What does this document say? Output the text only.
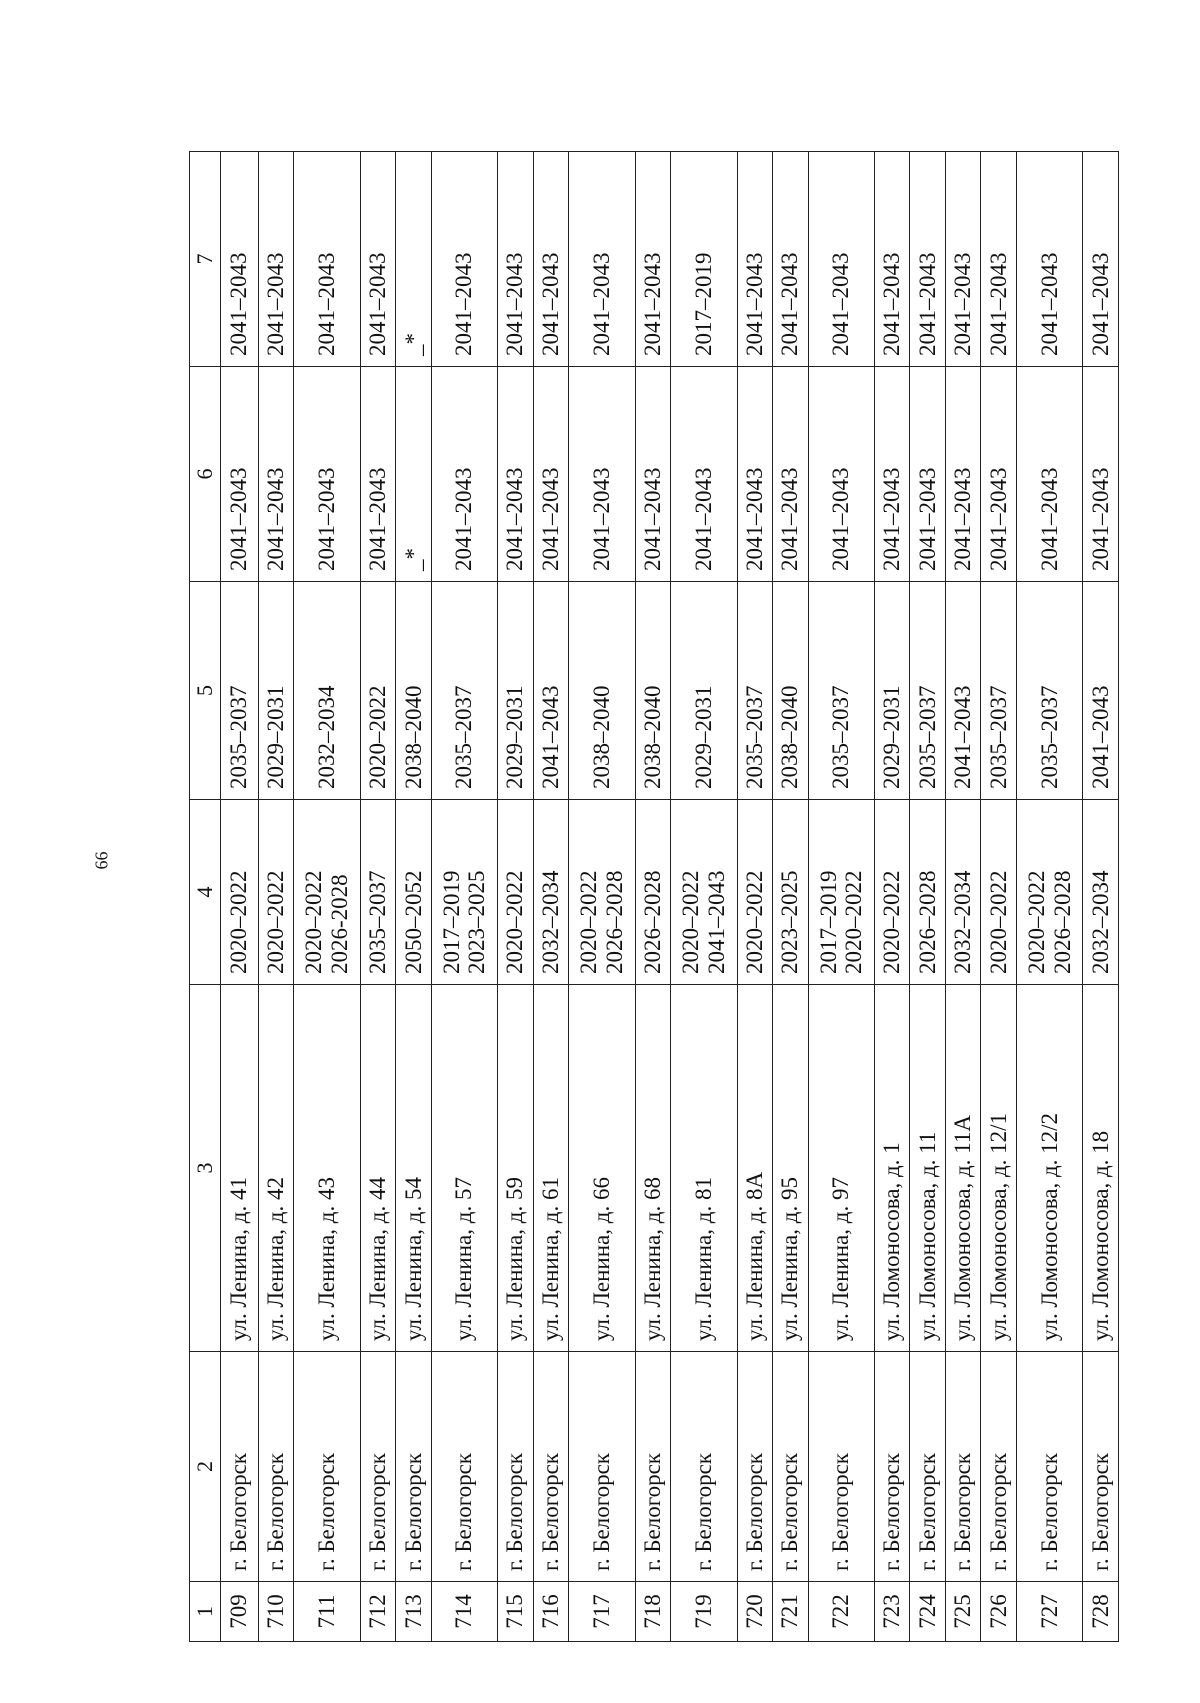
66
1	2	3	4	5	6	7
709	г. Белогорск	ул. Ленина, д. 41	2020–2022	2035–2037	2041–2043	2041–2043
710	г. Белогорск	ул. Ленина, д. 42	2020–2022	2029–2031	2041–2043	2041–2043
711	г. Белогорск	ул. Ленина, д. 43	2020–2022 2026-2028	2032–2034	2041–2043	2041–2043
712	г. Белогорск	ул. Ленина, д. 44	2035–2037	2020–2022	2041–2043	2041–2043
713	г. Белогорск	ул. Ленина, д. 54	2050–2052	2038–2040	_*	_*
714	г. Белогорск	ул. Ленина, д. 57	2017–2019 2023–2025	2035–2037	2041–2043	2041–2043
715	г. Белогорск	ул. Ленина, д. 59	2020–2022	2029–2031	2041–2043	2041–2043
716	г. Белогорск	ул. Ленина, д. 61	2032–2034	2041–2043	2041–2043	2041–2043
717	г. Белогорск	ул. Ленина, д. 66	2020–2022 2026–2028	2038–2040	2041–2043	2041–2043
718	г. Белогорск	ул. Ленина, д. 68	2026–2028	2038–2040	2041–2043	2041–2043
719	г. Белогорск	ул. Ленина, д. 81	2020–2022 2041–2043	2029–2031	2041–2043	2017–2019
720	г. Белогорск	ул. Ленина, д. 8А	2020–2022	2035–2037	2041–2043	2041–2043
721	г. Белогорск	ул. Ленина, д. 95	2023–2025	2038–2040	2041–2043	2041–2043
722	г. Белогорск	ул. Ленина, д. 97	2017–2019 2020–2022	2035–2037	2041–2043	2041–2043
723	г. Белогорск	ул. Ломоносова, д. 1	2020–2022	2029–2031	2041–2043	2041–2043
724	г. Белогорск	ул. Ломоносова, д. 11	2026–2028	2035–2037	2041–2043	2041–2043
725	г. Белогорск	ул. Ломоносова, д. 11А	2032–2034	2041–2043	2041–2043	2041–2043
726	г. Белогорск	ул. Ломоносова, д. 12/1	2020–2022	2035–2037	2041–2043	2041–2043
727	г. Белогорск	ул. Ломоносова, д. 12/2	2020–2022 2026–2028	2035–2037	2041–2043	2041–2043
728	г. Белогорск	ул. Ломоносова, д. 18	2032–2034	2041–2043	2041–2043	2041–2043
